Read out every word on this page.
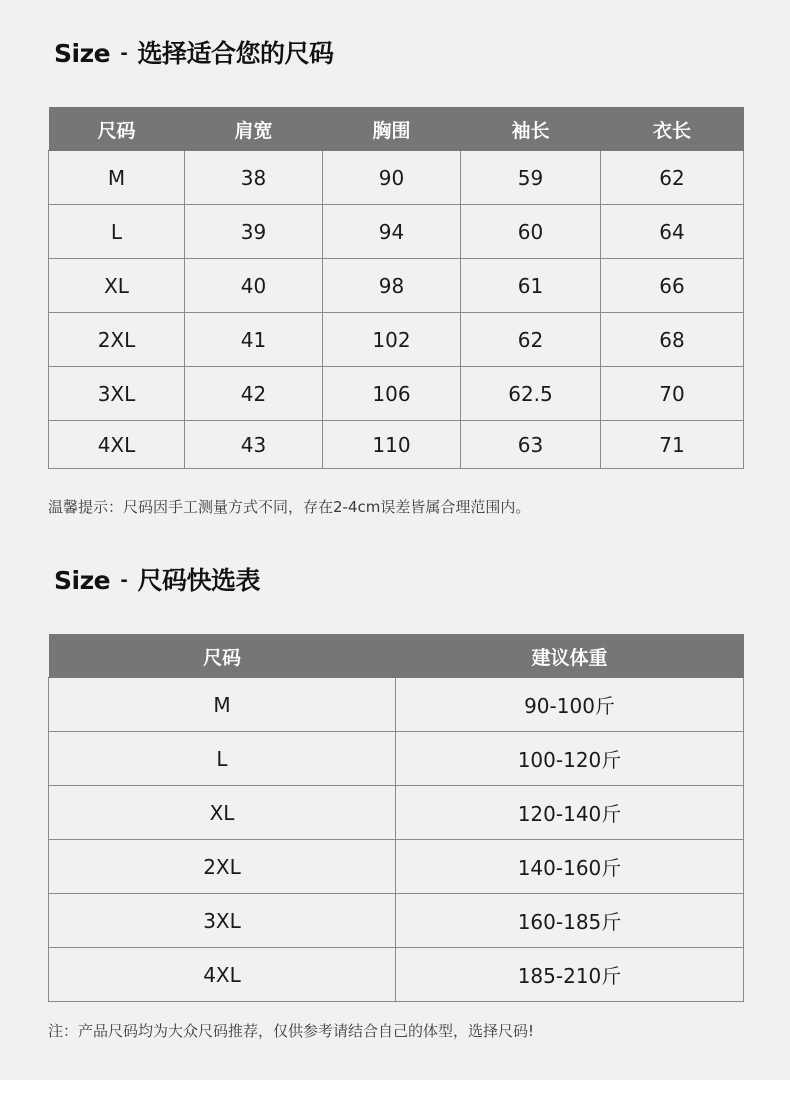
Size - 选择适合您的尺码
尺码	肩宽	胸围	袖长	衣长
M	38	90	59	62
L	39	94	60	64
XL	40	98	61	66
2XL	41	102	62	68
3XL	42	106	62.5	70
4XL	43	110	63	71

温馨提示：尺码因手工测量方式不同，存在2-4cm误差皆属合理范围内。

Size - 尺码快选表
尺码	建议体重
M	90-100斤
L	100-120斤
XL	120-140斤
2XL	140-160斤
3XL	160-185斤
4XL	185-210斤

注：产品尺码均为大众尺码推荐，仅供参考请结合自己的体型，选择尺码!
